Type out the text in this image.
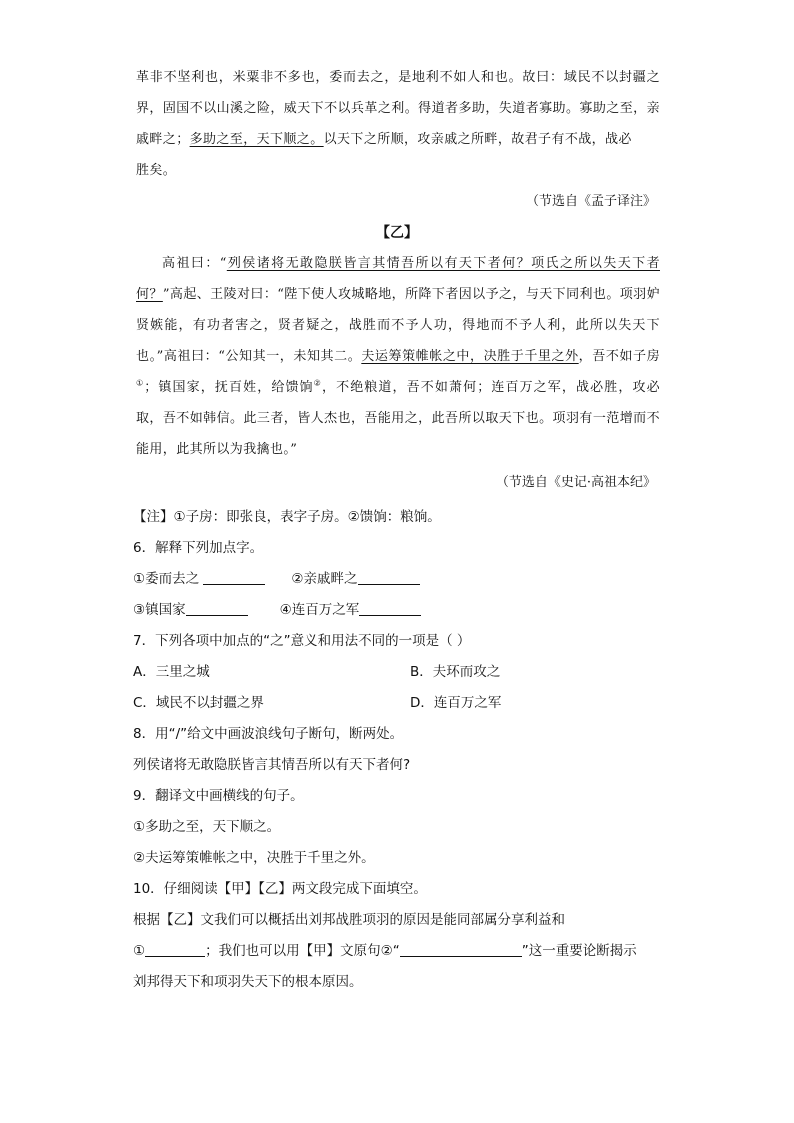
革非不坚利也，米粟非不多也，委而去之，是地利不如人和也。故曰：域民不以封疆之界，固国不以山溪之险，威天下不以兵革之利。得道者多助，失道者寡助。寡助之至，亲戚畔之；多助之至，天下顺之。以天下之所顺，攻亲戚之所畔，故君子有不战，战必
胜矣。
（节选自《孟子译注》
【乙】
高祖曰：“列侯诸将无敢隐朕皆言其情吾所以有天下者何？项氏之所以失天下者何？”高起、王陵对曰：“陛下使人攻城略地，所降下者因以予之，与天下同利也。项羽妒贤嫉能，有功者害之，贤者疑之，战胜而不予人功，得地而不予人利，此所以失天下也。”高祖曰：“公知其一，未知其二。夫运筹策帷帐之中，决胜于千里之外，吾不如子房①；镇国家，抚百姓，给馈饷②，不绝粮道，吾不如萧何；连百万之军，战必胜，攻必取，吾不如韩信。此三者，皆人杰也，吾能用之，此吾所以取天下也。项羽有一范增而不能用，此其所以为我擒也。”
（节选自《史记·高祖本纪》
【注】①子房：即张良，表字子房。②馈饷：粮饷。
6．解释下列加点字。
①委而去之	②亲戚畔之
③镇国家	④连百万之军
7．下列各项中加点的“之”意义和用法不同的一项是（ ）
A．三里之城	B．夫环而攻之
C．域民不以封疆之界	D．连百万之军
8．用“/”给文中画波浪线句子断句，断两处。
列侯诸将无敢隐朕皆言其情吾所以有天下者何?
9．翻译文中画横线的句子。
①多助之至，天下顺之。
②夫运筹策帷帐之中，决胜于千里之外。
10．仔细阅读【甲】【乙】两文段完成下面填空。
根据【乙】文我们可以概括出刘邦战胜项羽的原因是能同部属分享利益和
①	；我们也可以用【甲】文原句②“	”这一重要论断揭示
刘邦得天下和项羽失天下的根本原因。
